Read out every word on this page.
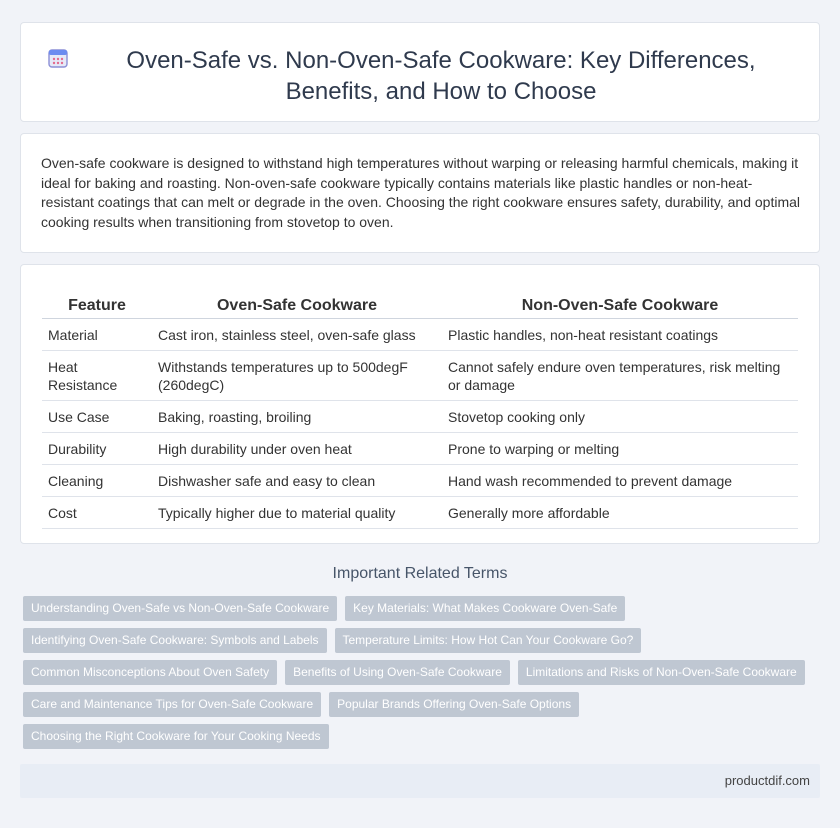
Oven-Safe vs. Non-Oven-Safe Cookware: Key Differences, Benefits, and How to Choose

Oven-safe cookware is designed to withstand high temperatures without warping or releasing harmful chemicals, making it ideal for baking and roasting. Non-oven-safe cookware typically contains materials like plastic handles or non-heat-resistant coatings that can melt or degrade in the oven. Choosing the right cookware ensures safety, durability, and optimal cooking results when transitioning from stovetop to oven.

Feature	Oven-Safe Cookware	Non-Oven-Safe Cookware
Material	Cast iron, stainless steel, oven-safe glass	Plastic handles, non-heat resistant coatings
Heat Resistance	Withstands temperatures up to 500degF (260degC)	Cannot safely endure oven temperatures, risk melting or damage
Use Case	Baking, roasting, broiling	Stovetop cooking only
Durability	High durability under oven heat	Prone to warping or melting
Cleaning	Dishwasher safe and easy to clean	Hand wash recommended to prevent damage
Cost	Typically higher due to material quality	Generally more affordable
Important Related Terms
Understanding Oven-Safe vs Non-Oven-Safe Cookware	Key Materials: What Makes Cookware Oven-Safe
Identifying Oven-Safe Cookware: Symbols and Labels	Temperature Limits: How Hot Can Your Cookware Go?
Common Misconceptions About Oven Safety	Benefits of Using Oven-Safe Cookware	Limitations and Risks of Non-Oven-Safe Cookware
Care and Maintenance Tips for Oven-Safe Cookware	Popular Brands Offering Oven-Safe Options
Choosing the Right Cookware for Your Cooking Needs
productdif.com
